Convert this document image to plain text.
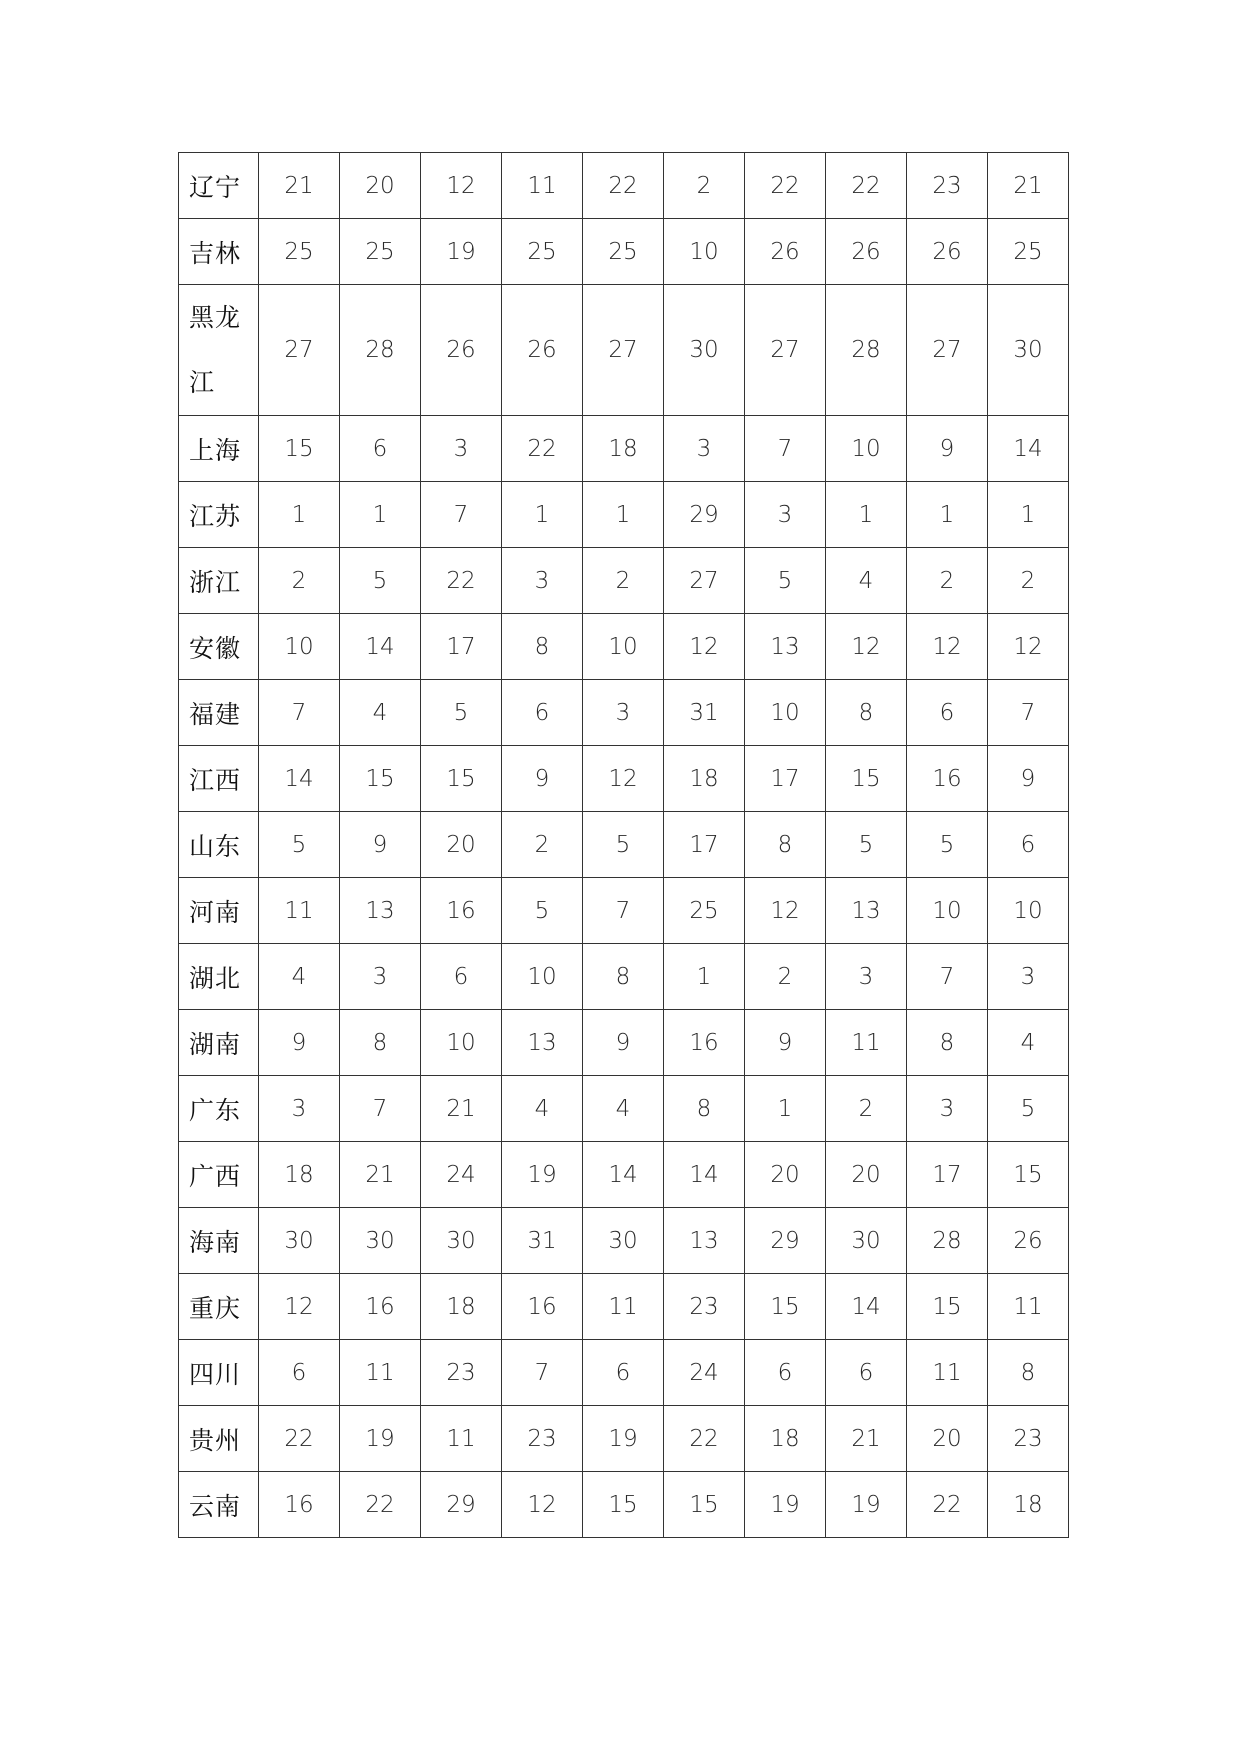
辽宁	21	20	12	11	22	2	22	22	23	21

吉林	25	25	19	25	25	10	26	26	26	25

黑龙江	27	28	26	26	27	30	27	28	27	30

上海	15	6	3	22	18	3	7	10	9	14

江苏	1	1	7	1	1	29	3	1	1	1

浙江	2	5	22	3	2	27	5	4	2	2

安徽	10	14	17	8	10	12	13	12	12	12

福建	7	4	5	6	3	31	10	8	6	7

江西	14	15	15	9	12	18	17	15	16	9

山东	5	9	20	2	5	17	8	5	5	6

河南	11	13	16	5	7	25	12	13	10	10

湖北	4	3	6	10	8	1	2	3	7	3

湖南	9	8	10	13	9	16	9	11	8	4

广东	3	7	21	4	4	8	1	2	3	5

广西	18	21	24	19	14	14	20	20	17	15

海南	30	30	30	31	30	13	29	30	28	26

重庆	12	16	18	16	11	23	15	14	15	11

四川	6	11	23	7	6	24	6	6	11	8

贵州	22	19	11	23	19	22	18	21	20	23

云南	16	22	29	12	15	15	19	19	22	18
